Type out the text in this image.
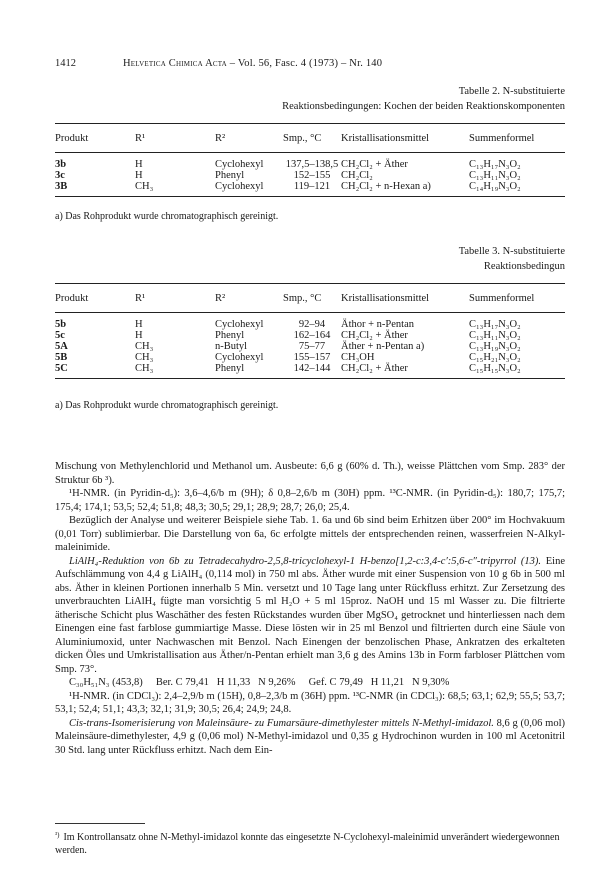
1412	Helvetica Chimica Acta – Vol. 56, Fasc. 4 (1973) – Nr. 140
Tabelle 2. N-substituierte
Reaktionsbedingungen: Kochen der beiden Reaktionskomponenten
Produkt	R¹	R²	Smp., °C	Kristallisationsmittel	Summenformel
3b	H	Cyclohexyl	137,5–138,5	CH₂Cl₂ + Äther	C₁₃H₁₇N₃O₂
3c	H	Phenyl	152–155	CH₂Cl₂	C₁₃H₁₁N₃O₂
3B	CH₃	Cyclohexyl	119–121	CH₂Cl₂ + n-Hexan a)	C₁₄H₁₉N₃O₂
a) Das Rohprodukt wurde chromatographisch gereinigt.
Tabelle 3. N-substituierte
Reaktionsbedingun
Produkt	R¹	R²	Smp., °C	Kristallisationsmittel	Summenformel
5b	H	Cyclohexyl	92–94	Äthor + n-Pentan	C₁₃H₁₇N₃O₂
5c	H	Phenyl	162–164	CH₂Cl₂ + Äther	C₁₃H₁₁N₃O₂
5A	CH₃	n-Butyl	75–77	Äther + n-Pentan a)	C₁₃H₁₉N₃O₂
5B	CH₃	Cyclohexyl	155–157	CH₃OH	C₁₅H₂₁N₃O₂
5C	CH₃	Phenyl	142–144	CH₂Cl₂ + Äther	C₁₅H₁₅N₃O₂
a) Das Rohprodukt wurde chromatographisch gereinigt.

Mischung von Methylenchlorid und Methanol um. Ausbeute: 6,6 g (60% d. Th.), weisse Plättchen vom Smp. 283° der Struktur 6b ³).

¹H-NMR. (in Pyridin-d₅): 3,6–4,6/b m (9H); δ 0,8–2,6/b m (30H) ppm. ¹³C-NMR. (in Pyridin-d₅): 180,7; 175,7; 175,4; 174,1; 53,5; 52,4; 51,8; 48,3; 30,5; 29,1; 28,9; 28,7; 26,0; 25,4.

Bezüglich der Analyse und weiterer Beispiele siehe Tab. 1. 6a und 6b sind beim Erhitzen über 200° im Hochvakuum (0,01 Torr) sublimierbar. Die Darstellung von 6a, 6c erfolgte mittels der entsprechenden reinen, wasserfreien N-Alkyl-maleinimide.

LiAlH₄-Reduktion von 6b zu Tetradecahydro-2,5,8-tricyclohexyl-1 H-benzo[1,2-c:3,4-c′:5,6-c″-tripyrrol (13). Eine Aufschlämmung von 4,4 g LiAlH₄ (0,114 mol) in 750 ml abs. Äther wurde mit einer Suspension von 10 g 6b in 500 ml abs. Äther in kleinen Portionen innerhalb 5 Min. versetzt und 10 Tage lang unter Rückfluss erhitzt. Zur Zersetzung des unverbrauchten LiAlH₄ fügte man vorsichtig 5 ml H₂O + 5 ml 15proz. NaOH und 15 ml Wasser zu. Die filtrierte ätherische Schicht plus Waschäther des festen Rückstandes wurden über MgSO₄ getrocknet und hinterliessen nach dem Einengen eine fast farblose gummiartige Masse. Diese lösten wir in 25 ml Benzol und filtrierten durch eine Säule von Aluminiumoxid, unter Nachwaschen mit Benzol. Nach Einengen der benzolischen Phase, Ankratzen des erkalteten dicken Öles und Umkristallisation aus Äther/n-Pentan erhielt man 3,6 g des Amins 13b in Form farbloser Plättchen vom Smp. 73°.

C₃₀H₅₁N₃ (453,8)     Ber. C 79,41   H 11,33   N 9,26%     Gef. C 79,49   H 11,21   N 9,30%

¹H-NMR. (in CDCl₃): 2,4–2,9/b m (15H), 0,8–2,3/b m (36H) ppm. ¹³C-NMR (in CDCl₃): 68,5; 63,1; 62,9; 55,5; 53,7; 53,1; 52,4; 51,1; 43,3; 32,1; 31,9; 30,5; 26,4; 24,9; 24,8.

Cis-trans-Isomerisierung von Maleinsäure- zu Fumarsäure-dimethylester mittels N-Methyl-imidazol. 8,6 g (0,06 mol) Maleinsäure-dimethylester, 4,9 g (0,06 mol) N-Methyl-imidazol und 0,35 g Hydrochinon wurden in 100 ml Acetonitril 30 Std. lang unter Rückfluss erhitzt. Nach dem Ein-

$^{^3)}$ Im Kontrollansatz ohne N-Methyl-imidazol konnte das eingesetzte N-Cyclohexyl-maleinimid unverändert wiedergewonnen werden.
